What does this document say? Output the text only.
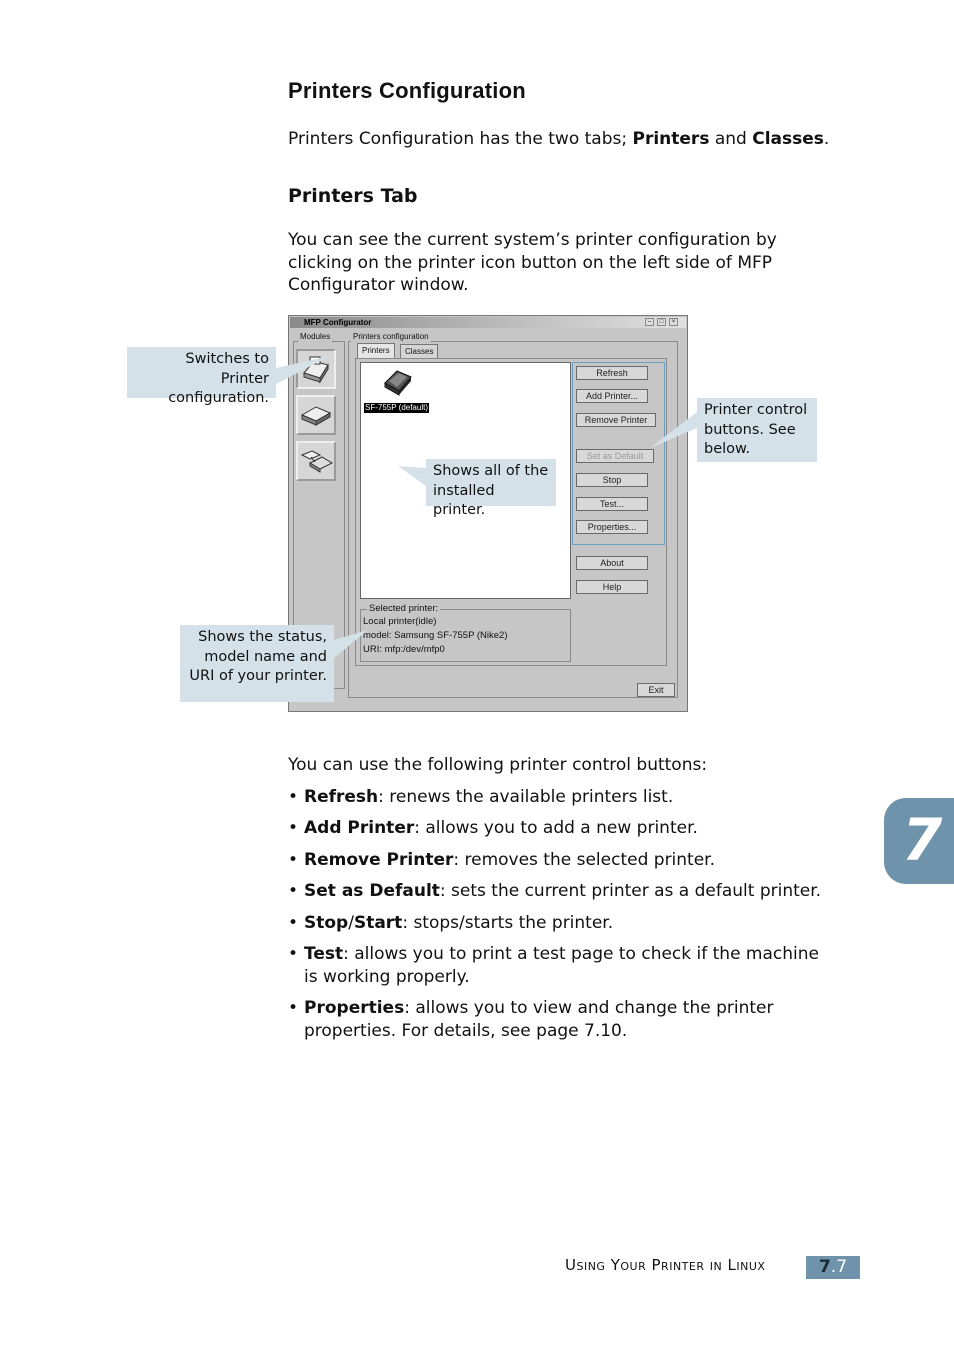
Printers Configuration

Printers Configuration has the two tabs; Printers and Classes.

Printers Tab
You can see the current system’s printer configuration by
clicking on the printer icon button on the left side of MFP
Configurator window.
MFP Configurator	–	□	×
Modules	Printers configuration
Printers	Classes
SF-755P (default)
Refresh
Add Printer...
Remove Printer
Set as Default
Stop
Test...
Properties...
About
Help
Selected printer:
Local printer(idle)
model: Samsung SF-755P (Nike2)
URI: mfp:/dev/mfp0
Exit
Switches to Printer
configuration.
Printer control
buttons. See
below.
Shows all of the
installed printer.
Shows the status,
model name and
URI of your printer.

You can use the following printer control buttons:

• Refresh: renews the available printers list.
• Add Printer: allows you to add a new printer.
• Remove Printer: removes the selected printer.
• Set as Default: sets the current printer as a default printer.
• Stop/Start: stops/starts the printer.
• Test: allows you to print a test page to check if the machine
is working properly.
• Properties: allows you to view and change the printer
properties. For details, see page 7.10.
7
Using Your Printer in Linux	7.7
